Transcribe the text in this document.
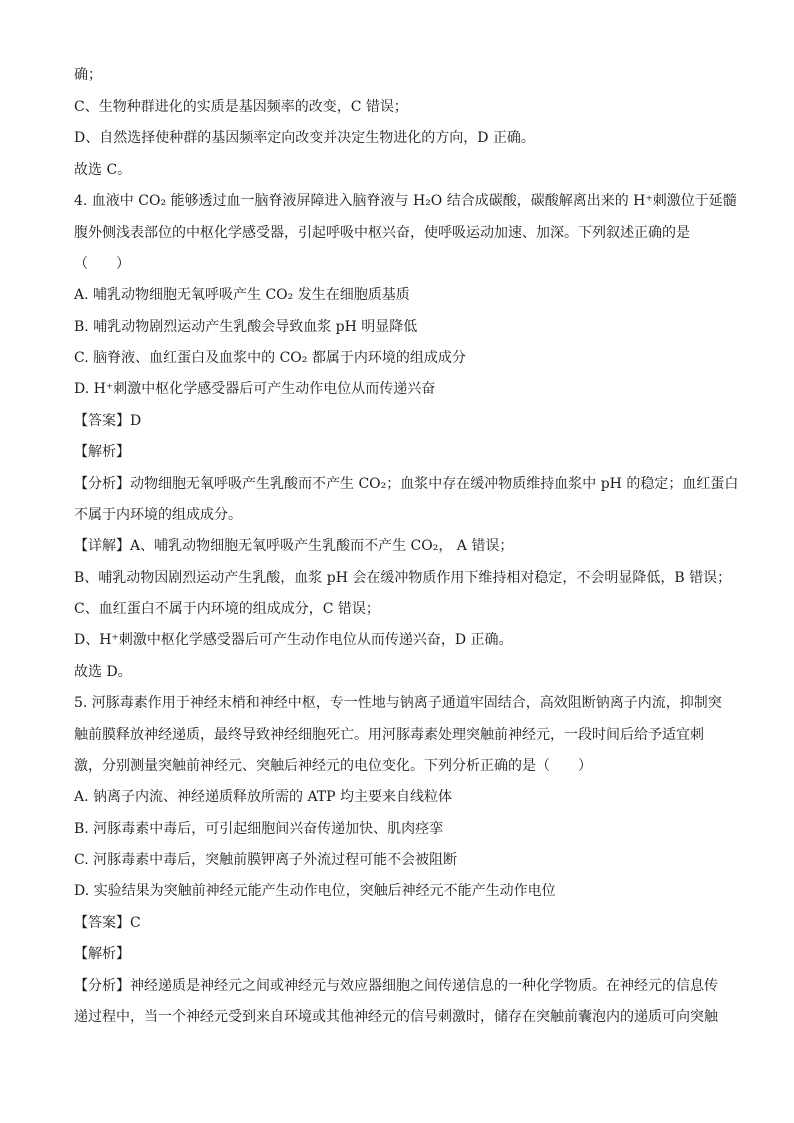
确；
C、生物种群进化的实质是基因频率的改变，C 错误；
D、自然选择使种群的基因频率定向改变并决定生物进化的方向，D 正确。
故选 C。
4. 血液中 CO₂ 能够透过血一脑脊液屏障进入脑脊液与 H₂O 结合成碳酸，碳酸解离出来的 H⁺刺激位于延髓
腹外侧浅表部位的中枢化学感受器，引起呼吸中枢兴奋，使呼吸运动加速、加深。下列叙述正确的是
（　　）
A. 哺乳动物细胞无氧呼吸产生 CO₂ 发生在细胞质基质
B. 哺乳动物剧烈运动产生乳酸会导致血浆 pH 明显降低
C. 脑脊液、血红蛋白及血浆中的 CO₂ 都属于内环境的组成成分
D. H⁺刺激中枢化学感受器后可产生动作电位从而传递兴奋
【答案】D
【解析】
【分析】动物细胞无氧呼吸产生乳酸而不产生 CO₂；血浆中存在缓冲物质维持血浆中 pH 的稳定；血红蛋白
不属于内环境的组成成分。
【详解】A、哺乳动物细胞无氧呼吸产生乳酸而不产生 CO₂， A 错误；
B、哺乳动物因剧烈运动产生乳酸，血浆 pH 会在缓冲物质作用下维持相对稳定，不会明显降低，B 错误；
C、血红蛋白不属于内环境的组成成分，C 错误；
D、H⁺刺激中枢化学感受器后可产生动作电位从而传递兴奋，D 正确。
故选 D。
5. 河豚毒素作用于神经末梢和神经中枢，专一性地与钠离子通道牢固结合，高效阻断钠离子内流，抑制突
触前膜释放神经递质，最终导致神经细胞死亡。用河豚毒素处理突触前神经元，一段时间后给予适宜刺
激，分别测量突触前神经元、突触后神经元的电位变化。下列分析正确的是（　　）
A. 钠离子内流、神经递质释放所需的 ATP 均主要来自线粒体
B. 河豚毒素中毒后，可引起细胞间兴奋传递加快、肌肉痉挛
C. 河豚毒素中毒后，突触前膜钾离子外流过程可能不会被阻断
D. 实验结果为突触前神经元能产生动作电位，突触后神经元不能产生动作电位
【答案】C
【解析】
【分析】神经递质是神经元之间或神经元与效应器细胞之间传递信息的一种化学物质。在神经元的信息传
递过程中，当一个神经元受到来自环境或其他神经元的信号刺激时，储存在突触前囊泡内的递质可向突触
